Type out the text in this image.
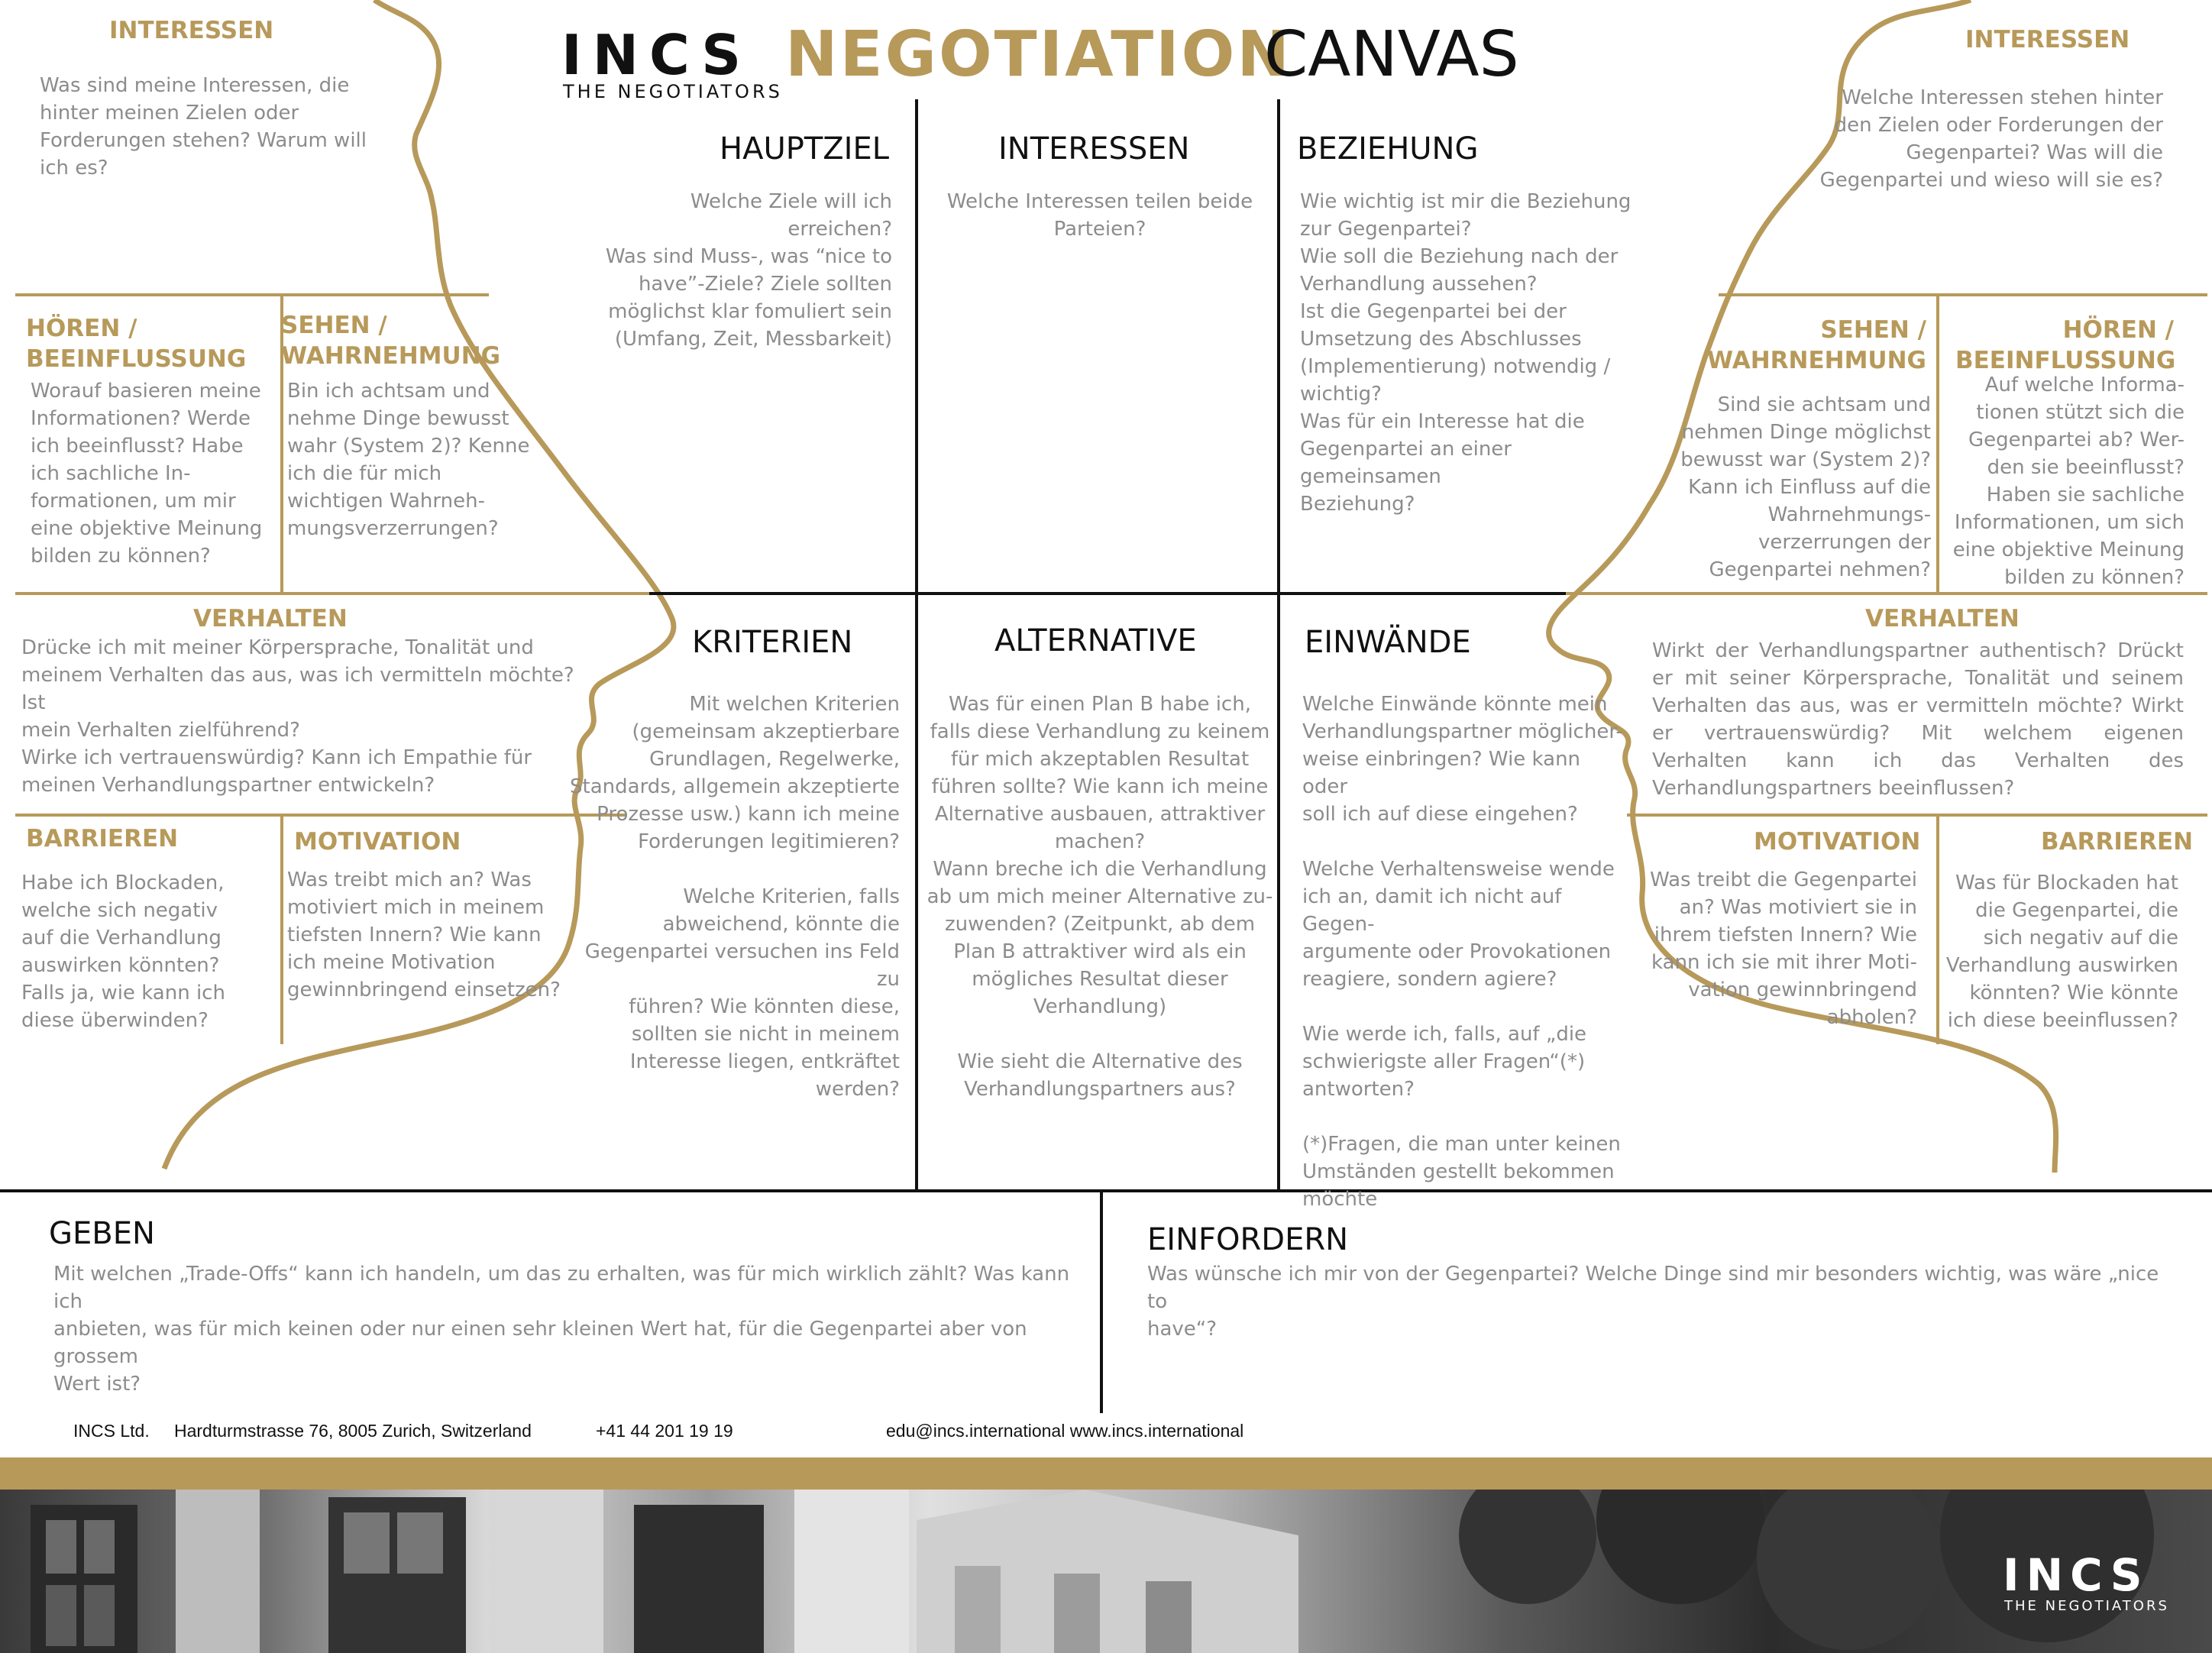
INCS
THE NEGOTIATORS
NEGOTIATION
CANVAS
INTERESSEN
Was sind meine Interessen, die
hinter meinen Zielen oder
Forderungen stehen? Warum will
ich es?
HÖREN /
BEEINFLUSSUNG
Worauf basieren meine
Informationen? Werde
ich beeinflusst? Habe
ich sachliche In-
formationen, um mir
eine objektive Meinung
bilden zu können?
SEHEN /
WAHRNEHMUNG
Bin ich achtsam und
nehme Dinge bewusst
wahr (System 2)? Kenne
ich die für mich
wichtigen Wahrneh-
mungsverzerrungen?
VERHALTEN
Drücke ich mit meiner Körpersprache, Tonalität und
meinem Verhalten das aus, was ich vermitteln möchte? Ist
mein Verhalten zielführend?
Wirke ich vertrauenswürdig? Kann ich Empathie für
meinen Verhandlungspartner entwickeln?
BARRIEREN
Habe ich Blockaden,
welche sich negativ
auf die Verhandlung
auswirken könnten?
Falls ja, wie kann ich
diese überwinden?
MOTIVATION
Was treibt mich an? Was
motiviert mich in meinem
tiefsten Innern? Wie kann
ich meine Motivation
gewinnbringend einsetzen?
HAUPTZIEL
Welche Ziele will ich erreichen?
Was sind Muss-, was “nice to
have”-Ziele? Ziele sollten
möglichst klar fomuliert sein
(Umfang, Zeit, Messbarkeit)
INTERESSEN
Welche Interessen teilen beide
Parteien?
BEZIEHUNG
Wie wichtig ist mir die Beziehung
zur Gegenpartei?
Wie soll die Beziehung nach der
Verhandlung aussehen?
Ist die Gegenpartei bei der
Umsetzung des Abschlusses
(Implementierung) notwendig /
wichtig?
Was für ein Interesse hat die
Gegenpartei an einer gemeinsamen
Beziehung?
KRITERIEN
Mit welchen Kriterien
(gemeinsam akzeptierbare
Grundlagen, Regelwerke,
Standards, allgemein akzeptierte
Prozesse usw.) kann ich meine
Forderungen legitimieren?

Welche Kriterien, falls
abweichend, könnte die
Gegenpartei versuchen ins Feld zu
führen? Wie könnten diese,
sollten sie nicht in meinem
Interesse liegen, entkräftet
werden?
ALTERNATIVE
Was für einen Plan B habe ich,
falls diese Verhandlung zu keinem
für mich akzeptablen Resultat
führen sollte? Wie kann ich meine
Alternative ausbauen, attraktiver
machen?
Wann breche ich die Verhandlung
ab um mich meiner Alternative zu-
zuwenden? (Zeitpunkt, ab dem
Plan B attraktiver wird als ein
mögliches Resultat dieser
Verhandlung)

Wie sieht die Alternative des
Verhandlungspartners aus?
EINWÄNDE
Welche Einwände könnte mein
Verhandlungspartner möglicher-
weise einbringen? Wie kann oder
soll ich auf diese eingehen?

Welche Verhaltensweise wende
ich an, damit ich nicht auf Gegen-
argumente oder Provokationen
reagiere, sondern agiere?

Wie werde ich, falls, auf „die
schwierigste aller Fragen“(*)
antworten?

(*)Fragen, die man unter keinen
Umständen gestellt bekommen
möchte
INTERESSEN
Welche Interessen stehen hinter
den Zielen oder Forderungen der
Gegenpartei? Was will die
Gegenpartei und wieso will sie es?
SEHEN /
WAHRNEHMUNG
Sind sie achtsam und
nehmen Dinge möglichst
bewusst war (System 2)?
Kann ich Einfluss auf die
Wahrnehmungs-
verzerrungen der
Gegenpartei nehmen?
HÖREN /
BEEINFLUSSUNG
Auf welche Informa-
tionen stützt sich die
Gegenpartei ab? Wer-
den sie beeinflusst?
Haben sie sachliche
Informationen, um sich
eine objektive Meinung
bilden zu können?
VERHALTEN
Wirkt der Verhandlungspartner authentisch? Drückt er mit seiner Körpersprache, Tonalität und seinem Verhalten das aus, was er vermitteln möchte? Wirkt er vertrauenswürdig? Mit welchem eigenen Verhalten kann ich das Verhalten des Verhandlungspartners beeinflussen?
MOTIVATION
Was treibt die Gegenpartei
an? Was motiviert sie in
ihrem tiefsten Innern? Wie
kann ich sie mit ihrer Moti-
vation gewinnbringend
abholen?
BARRIEREN
Was für Blockaden hat
die Gegenpartei, die
sich negativ auf die
Verhandlung auswirken
könnten? Wie könnte
ich diese beeinflussen?
GEBEN
Mit welchen „Trade-Offs“ kann ich handeln, um das zu erhalten, was für mich wirklich zählt? Was kann ich
anbieten, was für mich keinen oder nur einen sehr kleinen Wert hat, für die Gegenpartei aber von grossem
Wert ist?
EINFORDERN
Was wünsche ich mir von der Gegenpartei? Welche Dinge sind mir besonders wichtig, was wäre „nice to
have“?
INCS Ltd. Hardturmstrasse 76, 8005 Zurich, Switzerland	+41 44 201 19 19	edu@incs.international www.incs.international
INCS
THE NEGOTIATORS
